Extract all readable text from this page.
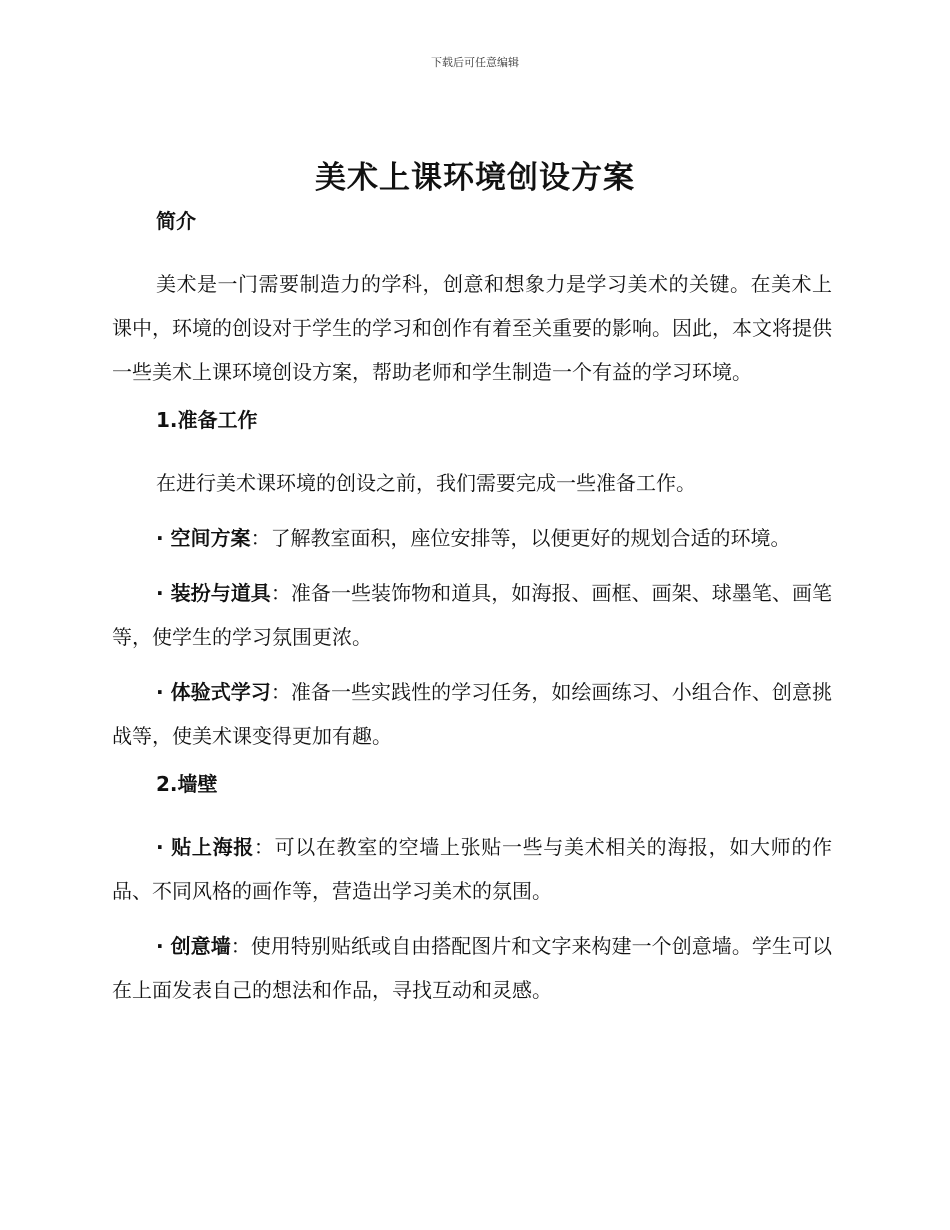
下载后可任意编辑
美术上课环境创设方案

简介

美术是一门需要制造力的学科，创意和想象力是学习美术的关键。在美术上课中，环境的创设对于学生的学习和创作有着至关重要的影响。因此，本文将提供一些美术上课环境创设方案，帮助老师和学生制造一个有益的学习环境。

1.准备工作

在进行美术课环境的创设之前，我们需要完成一些准备工作。

· 空间方案：了解教室面积，座位安排等，以便更好的规划合适的环境。

· 装扮与道具：准备一些装饰物和道具，如海报、画框、画架、球墨笔、画笔等，使学生的学习氛围更浓。

· 体验式学习：准备一些实践性的学习任务，如绘画练习、小组合作、创意挑战等，使美术课变得更加有趣。

2.墙壁

· 贴上海报：可以在教室的空墙上张贴一些与美术相关的海报，如大师的作品、不同风格的画作等，营造出学习美术的氛围。

· 创意墙：使用特别贴纸或自由搭配图片和文字来构建一个创意墙。学生可以在上面发表自己的想法和作品，寻找互动和灵感。
